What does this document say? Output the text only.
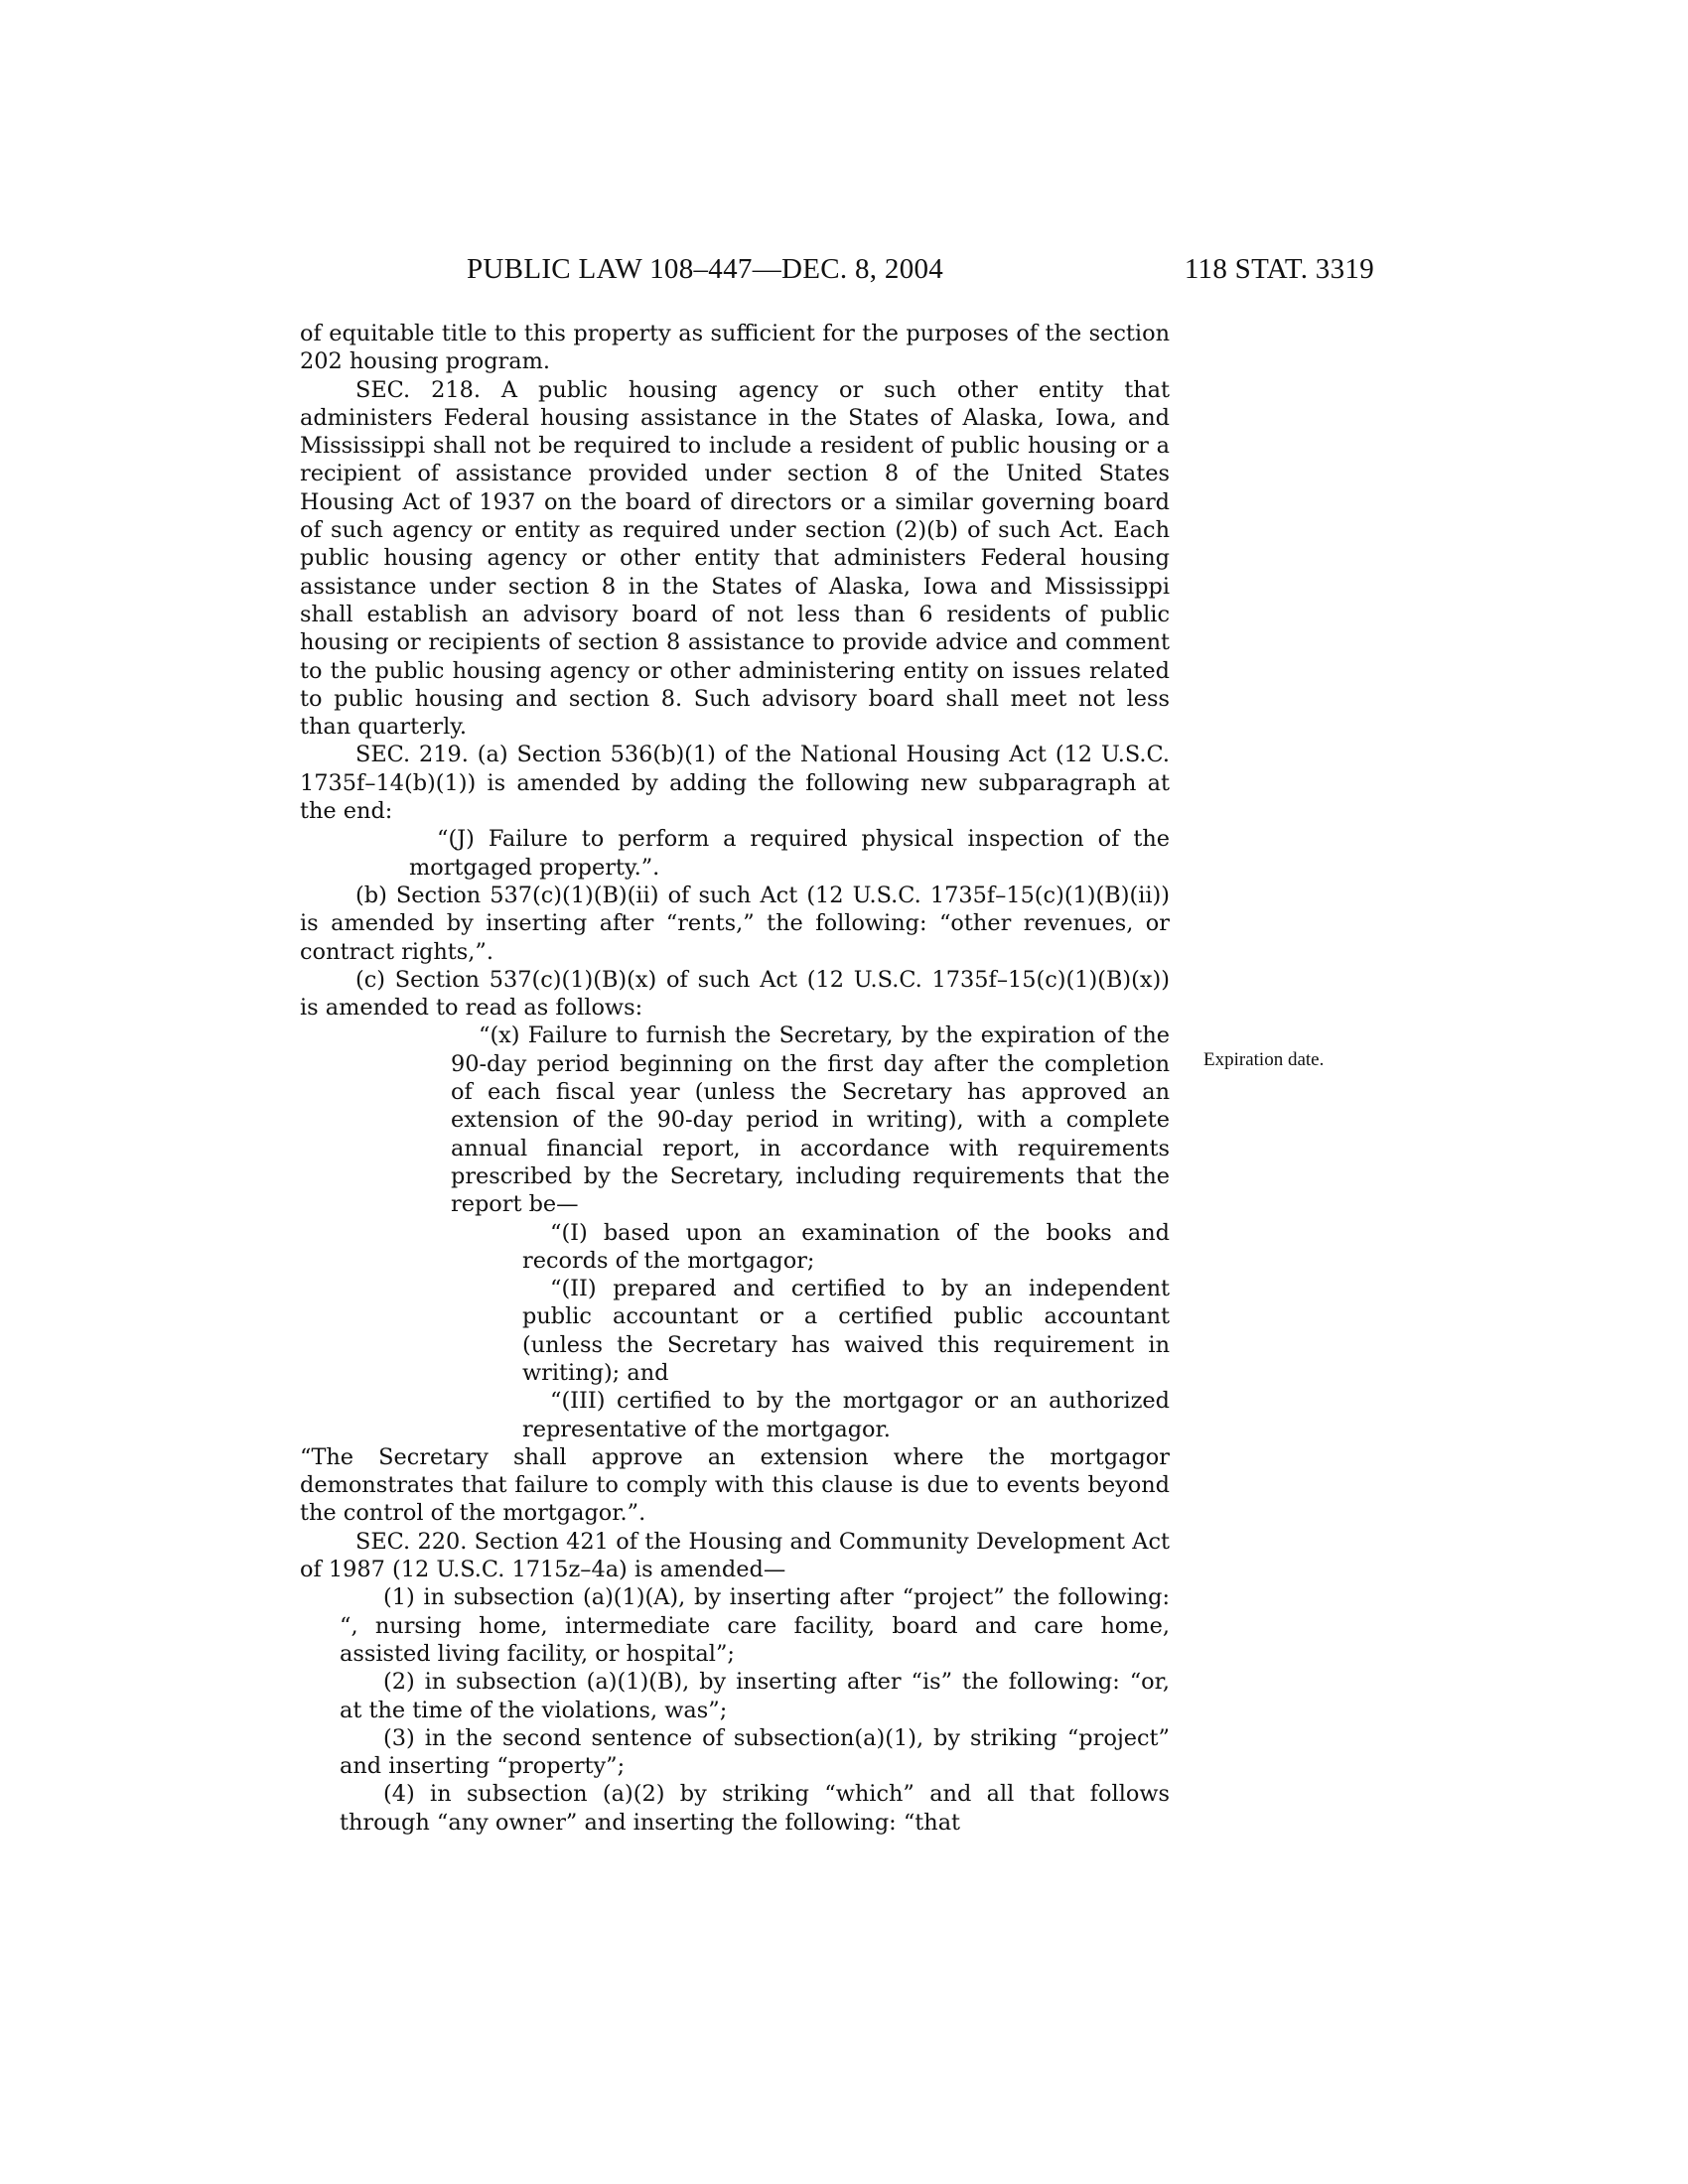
PUBLIC LAW 108–447—DEC. 8, 2004	118 STAT. 3319

of equitable title to this property as sufficient for the purposes of the section 202 housing program.

SEC. 218. A public housing agency or such other entity that administers Federal housing assistance in the States of Alaska, Iowa, and Mississippi shall not be required to include a resident of public housing or a recipient of assistance provided under section 8 of the United States Housing Act of 1937 on the board of directors or a similar governing board of such agency or entity as required under section (2)(b) of such Act. Each public housing agency or other entity that administers Federal housing assistance under section 8 in the States of Alaska, Iowa and Mississippi shall establish an advisory board of not less than 6 residents of public housing or recipients of section 8 assistance to provide advice and comment to the public housing agency or other administering entity on issues related to public housing and section 8. Such advisory board shall meet not less than quarterly.

SEC. 219. (a) Section 536(b)(1) of the National Housing Act (12 U.S.C. 1735f–14(b)(1)) is amended by adding the following new subparagraph at the end:

“(J) Failure to perform a required physical inspection of the mortgaged property.”.

(b) Section 537(c)(1)(B)(ii) of such Act (12 U.S.C. 1735f–15(c)(1)(B)(ii)) is amended by inserting after “rents,” the following: “other revenues, or contract rights,”.

(c) Section 537(c)(1)(B)(x) of such Act (12 U.S.C. 1735f–15(c)(1)(B)(x)) is amended to read as follows:

“(x) Failure to furnish the Secretary, by the expiration of the 90-day period beginning on the first day after the completion of each fiscal year (unless the Secretary has approved an extension of the 90-day period in writing), with a complete annual financial report, in accordance with requirements prescribed by the Secretary, including requirements that the report be—

“(I) based upon an examination of the books and records of the mortgagor;

“(II) prepared and certified to by an independent public accountant or a certified public accountant (unless the Secretary has waived this requirement in writing); and

“(III) certified to by the mortgagor or an authorized representative of the mortgagor.

“The Secretary shall approve an extension where the mortgagor demonstrates that failure to comply with this clause is due to events beyond the control of the mortgagor.”.

SEC. 220. Section 421 of the Housing and Community Development Act of 1987 (12 U.S.C. 1715z–4a) is amended—

(1) in subsection (a)(1)(A), by inserting after “project” the following: “, nursing home, intermediate care facility, board and care home, assisted living facility, or hospital”;

(2) in subsection (a)(1)(B), by inserting after “is” the following: “or, at the time of the violations, was”;

(3) in the second sentence of subsection(a)(1), by striking “project” and inserting “property”;

(4) in subsection (a)(2) by striking “which” and all that follows through “any owner” and inserting the following: “that

Expiration date.
